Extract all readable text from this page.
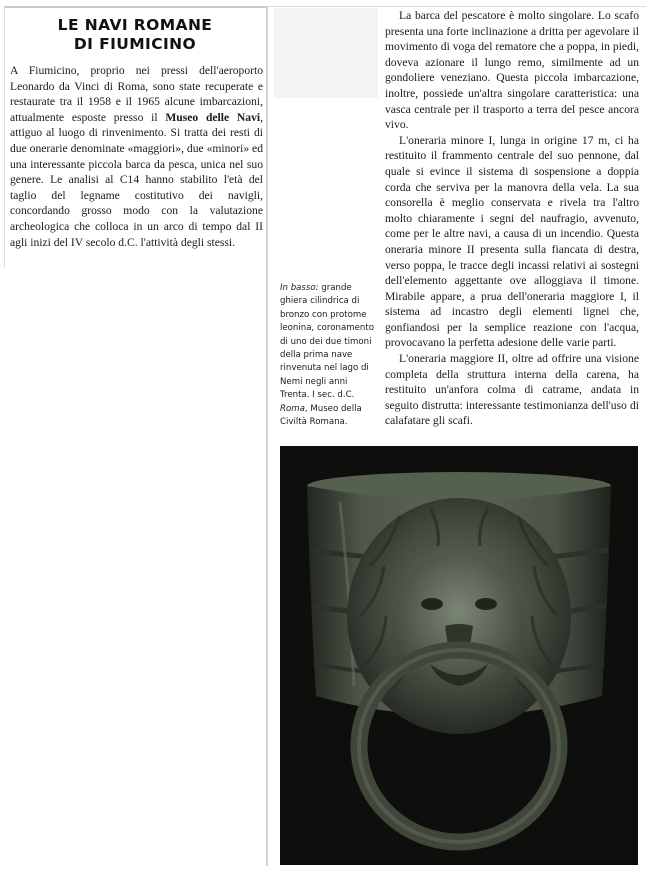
LE NAVI ROMANE
DI FIUMICINO
A Fiumicino, proprio nei pressi dell'aeroporto Leonardo da Vinci di Roma, sono state recuperate e restaurate tra il 1958 e il 1965 alcune imbarcazioni, attualmente esposte presso il Museo delle Navi, attiguo al luogo di rinvenimento. Si tratta dei resti di due onerarie denominate «maggiori», due «minori» ed una interessante piccola barca da pesca, unica nel suo genere. Le analisi al C14 hanno stabilito l'età del taglio del legname costitutivo dei navigli, concordando grosso modo con la valutazione archeologica che colloca in un arco di tempo dal II agli inizi del IV secolo d.C. l'attività degli stessi.
In basso: grande ghiera cilindrica di bronzo con protome leonina, coronamento di uno dei due timoni della prima nave rinvenuta nel lago di Nemi negli anni Trenta. I sec. d.C. Roma, Museo della Civiltà Romana.

La barca del pescatore è molto singolare. Lo scafo presenta una forte inclinazione a dritta per agevolare il movimento di voga del rematore che a poppa, in piedi, doveva azionare il lungo remo, similmente ad un gondoliere veneziano. Questa piccola imbarcazione, inoltre, possiede un'altra singolare caratteristica: una vasca centrale per il trasporto a terra del pesce ancora vivo.

L'oneraria minore I, lunga in origine 17 m, ci ha restituito il frammento centrale del suo pennone, dal quale si evince il sistema di sospensione a doppia corda che serviva per la manovra della vela. La sua consorella è meglio conservata e rivela tra l'altro molto chiaramente i segni del naufragio, avvenuto, come per le altre navi, a causa di un incendio. Questa oneraria minore II presenta sulla fiancata di destra, verso poppa, le tracce degli incassi relativi ai sostegni dell'elemento aggettante ove alloggiava il timone. Mirabile appare, a prua dell'oneraria maggiore I, il sistema ad incastro degli elementi lignei che, gonfiandosi per la semplice reazione con l'acqua, provocavano la perfetta adesione delle varie parti.

L'oneraria maggiore II, oltre ad offrire una visione completa della struttura interna della carena, ha restituito un'anfora colma di catrame, andata in seguito distrutta: interessante testimonianza dell'uso di calafatare gli scafi.
